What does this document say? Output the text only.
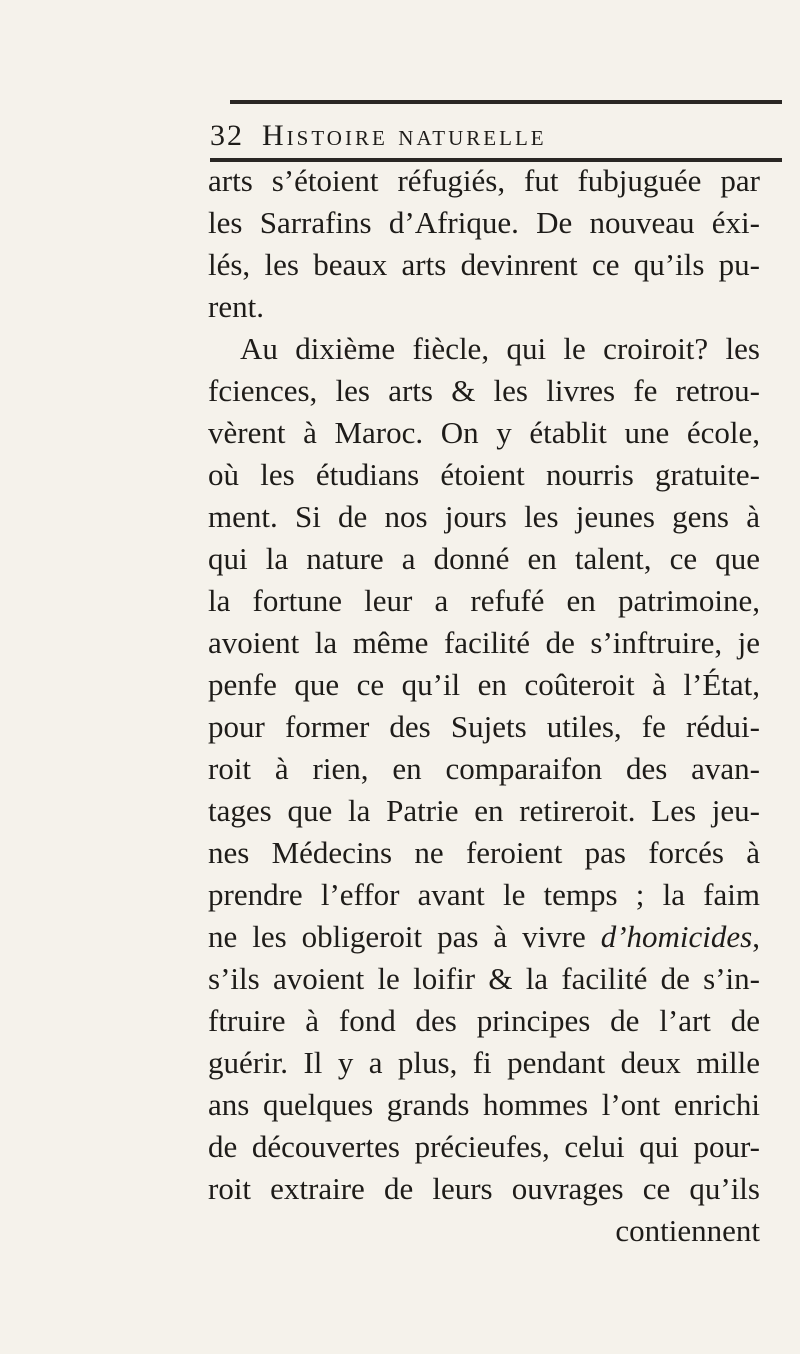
32 Histoire naturelle
arts s’étoient réfugiés, fut fubjuguée par
les Sarrafins d’Afrique. De nouveau éxi-
lés, les beaux arts devinrent ce qu’ils pu-
rent.
Au dixième fiècle, qui le croiroit? les
fciences, les arts & les livres fe retrou-
vèrent à Maroc. On y établit une école,
où les étudians étoient nourris gratuite-
ment. Si de nos jours les jeunes gens à
qui la nature a donné en talent, ce que
la fortune leur a refufé en patrimoine,
avoient la même facilité de s’inftruire, je
penfe que ce qu’il en coûteroit à l’État,
pour former des Sujets utiles, fe rédui-
roit à rien, en comparaifon des avan-
tages que la Patrie en retireroit. Les jeu-
nes Médecins ne feroient pas forcés à
prendre l’effor avant le temps ; la faim
ne les obligeroit pas à vivre d’homicides,
s’ils avoient le loifir & la facilité de s’in-
ftruire à fond des principes de l’art de
guérir. Il y a plus, fi pendant deux mille
ans quelques grands hommes l’ont enrichi
de découvertes précieufes, celui qui pour-
roit extraire de leurs ouvrages ce qu’ils
contiennent
